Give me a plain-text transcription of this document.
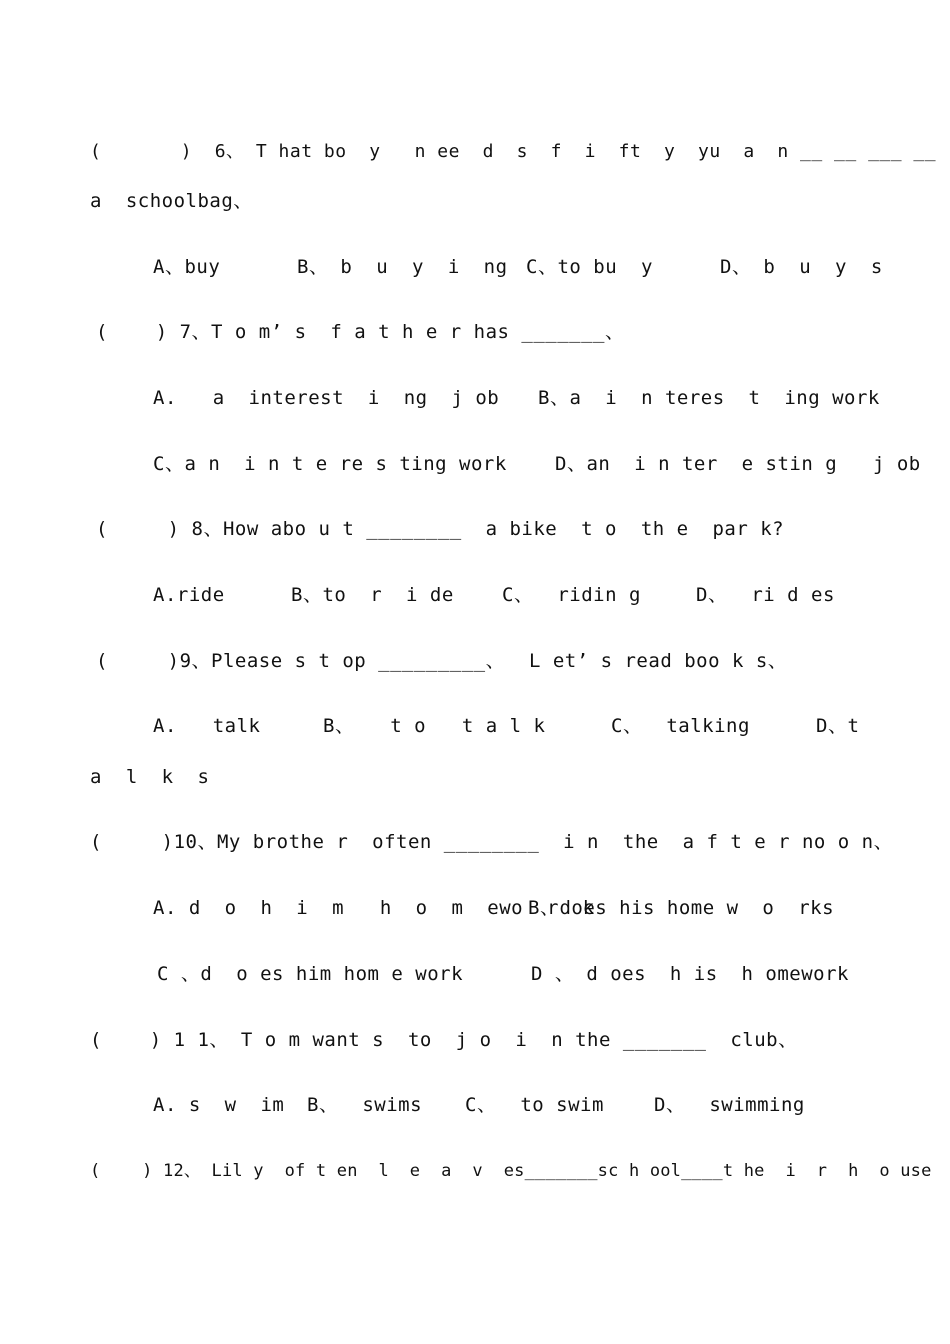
(       )  6、 T hat bo  y   n ee  d  s  f  i  ft  y  yu  a  n __ __ ___ __
a  schoolbag、
A、buy	B、 b  u  y  i  ng C、to bu  y	D、 b  u  y  s
(    ) 7、T o m’ s  f a t h e r has _______、
A.   a  interest  i  ng  j ob B、a  i  n teres  t  ing work
C、a n  i n t e re s ting work	D、an  i n ter  e stin g   j ob
(     ) 8、How abo u t ________  a bike  t o  th e  par k?
A.ride	B、to  r  i de	C、  ridin g	D、  ri d es
(     )9、Please s t op _________、  L et’ s read boo k s、
A.   talk	B、   t o   t a l k	C、  talking	D、t
a  l  k  s
(     )10、My brothe r  often ________  i n  the  a f t e r no o n、
A. d  o  h  i  m   h  o  m  ewo  r  k
B、does his home w  o  rks
C 、d  o es him hom e work	D 、 d oes  h is  h omework
(    ) 1 1、 T o m want s  to  j o  i  n the _______  club、
A. s  w  im B、  swims C、  to swim	D、  swimming
(    ) 12、 Lil y  of t en  l  e  a  v  es_______sc h ool____t he  i  r  h  o use
